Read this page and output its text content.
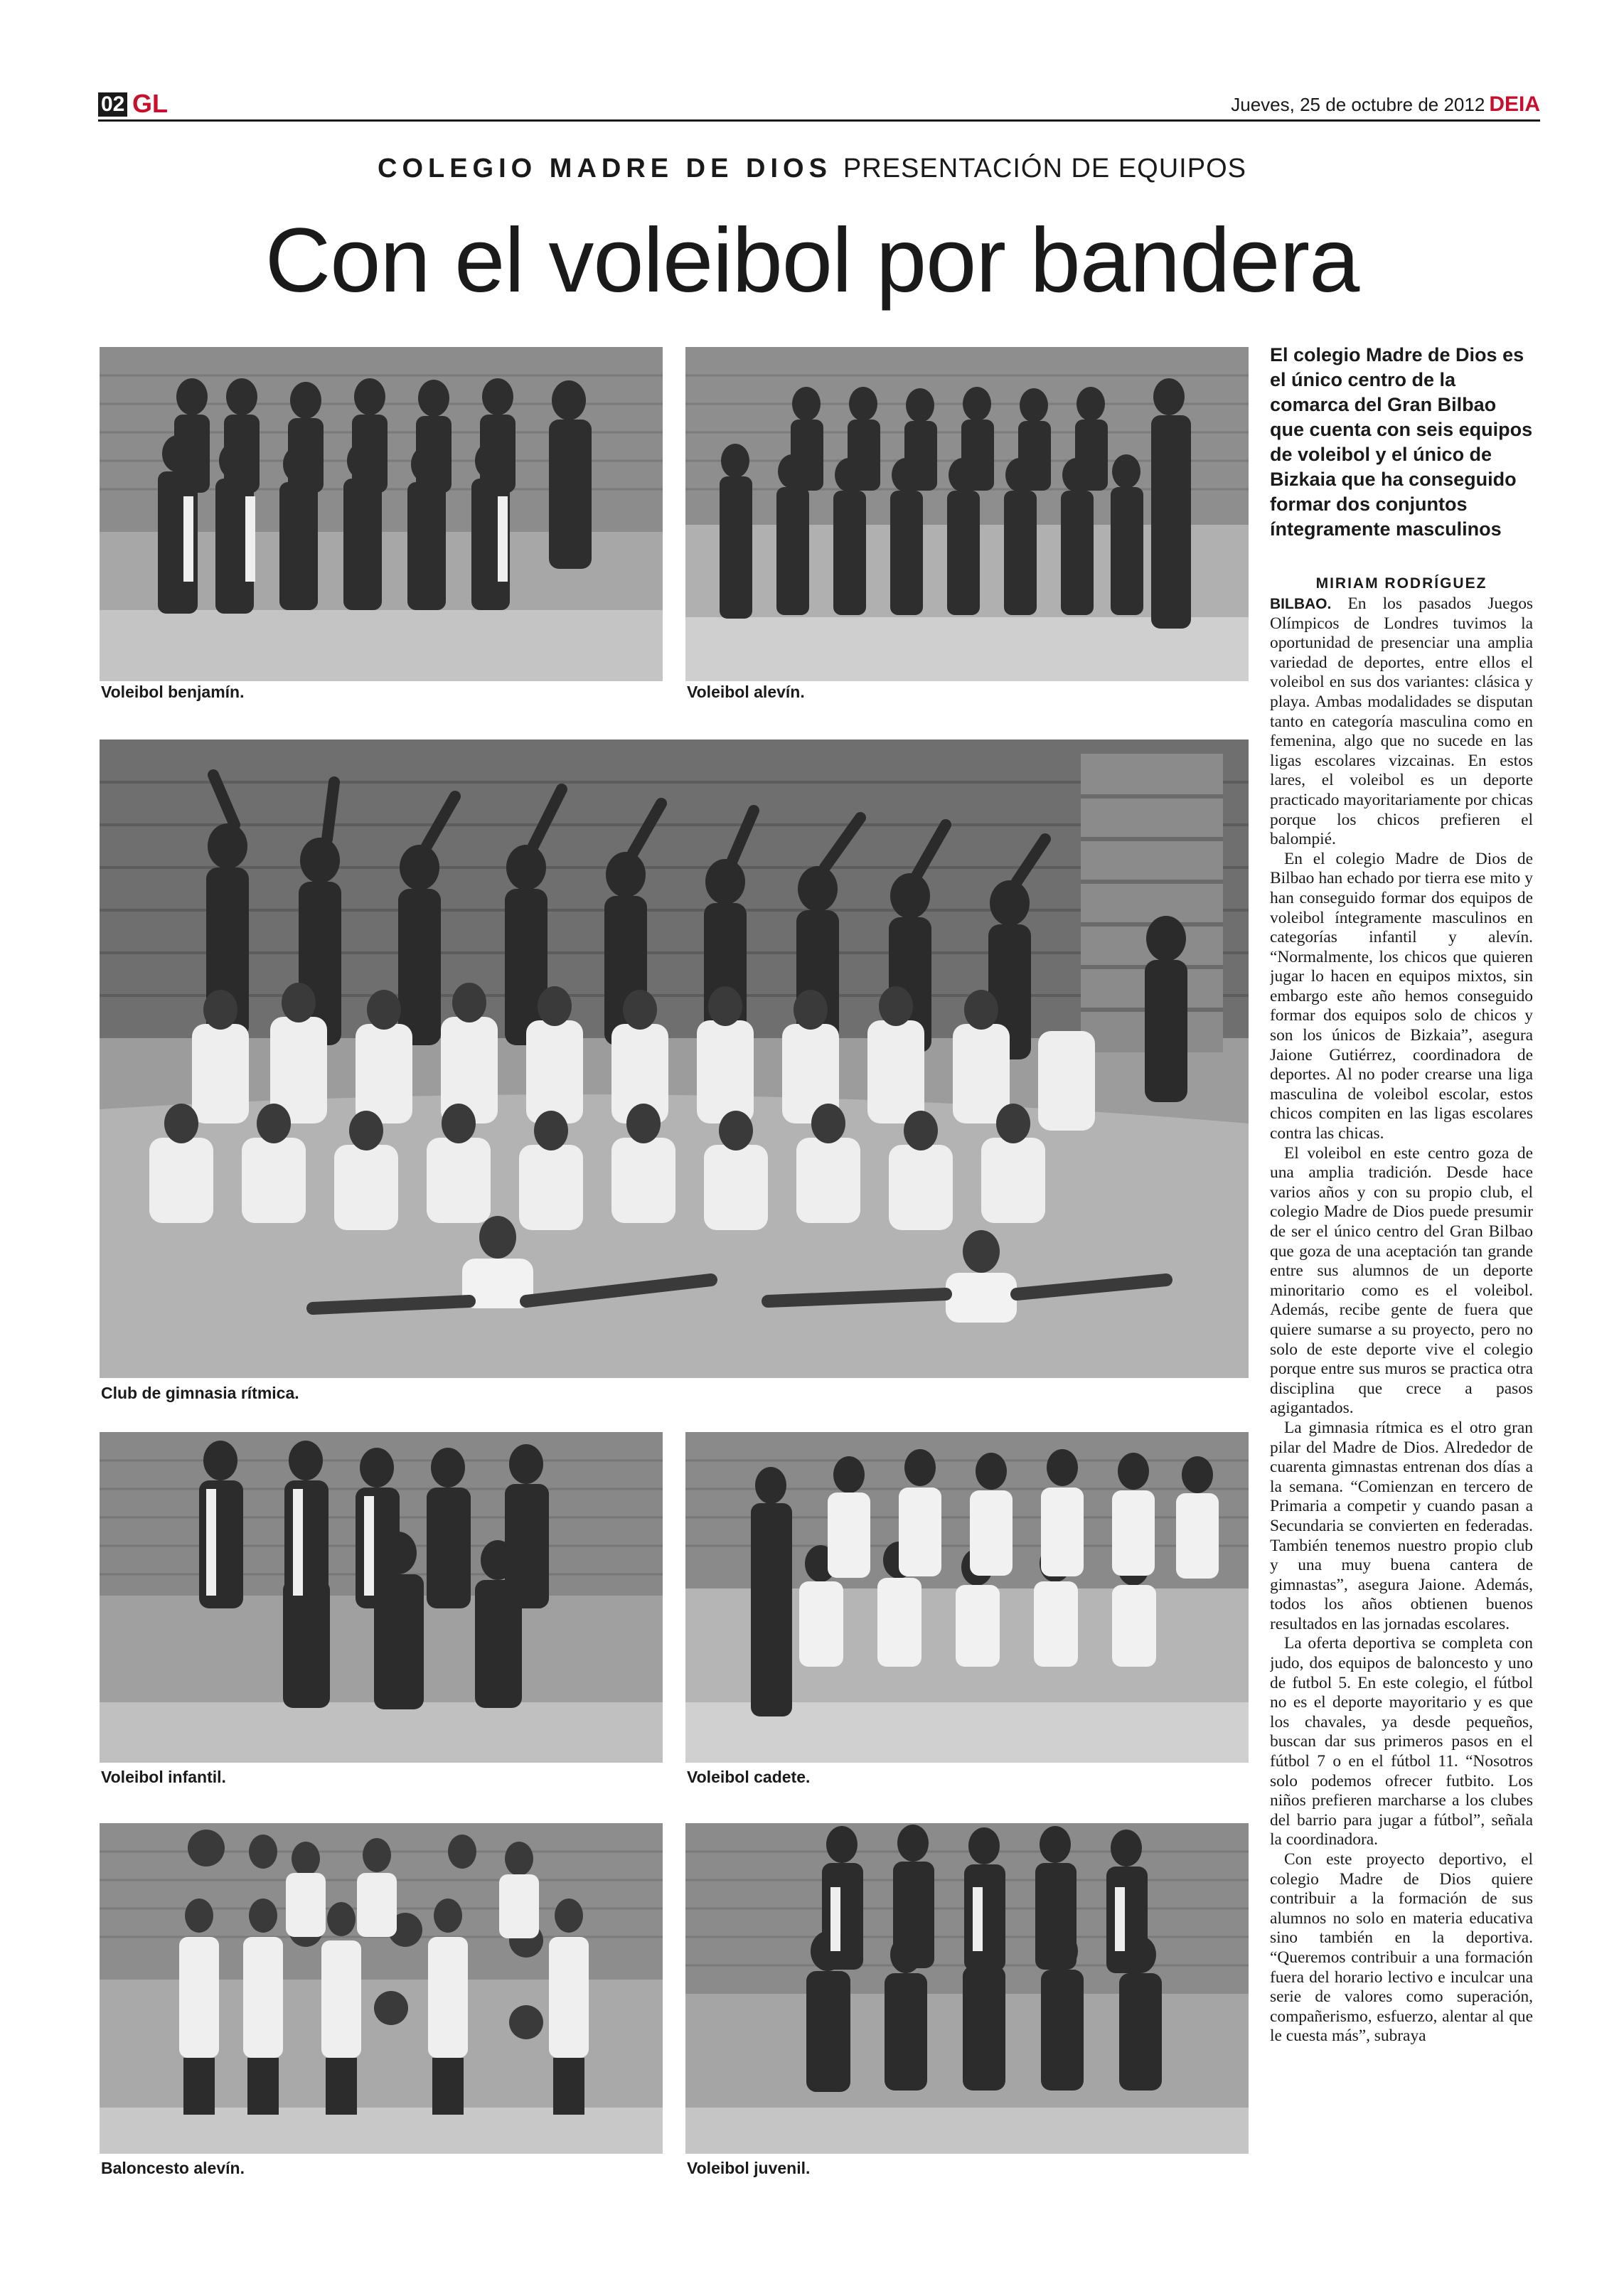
02 GL	Jueves, 25 de octubre de 2012 DEIA
COLEGIO MADRE DE DIOS PRESENTACIÓN DE EQUIPOS
Con el voleibol por bandera
Voleibol benjamín.	Voleibol alevín.
Club de gimnasia rítmica.
Voleibol infantil.	Voleibol cadete.
Baloncesto alevín.	Voleibol juvenil.
El colegio Madre de Dios es el único centro de la comarca del Gran Bilbao que cuenta con seis equipos de voleibol y el único de Bizkaia que ha conseguido formar dos conjuntos íntegramente masculinos
MIRIAM RODRÍGUEZ

BILBAO. En los pasados Juegos Olímpicos de Londres tuvimos la oportunidad de presenciar una amplia variedad de deportes, entre ellos el voleibol en sus dos variantes: clásica y playa. Ambas modalidades se disputan tanto en categoría masculina como en femenina, algo que no sucede en las ligas escolares vizcainas. En estos lares, el voleibol es un deporte practicado mayoritariamente por chicas porque los chicos prefieren el balompié.

En el colegio Madre de Dios de Bilbao han echado por tierra ese mito y han conseguido formar dos equipos de voleibol íntegramente masculinos en categorías infantil y alevín. “Normalmente, los chicos que quieren jugar lo hacen en equipos mixtos, sin embargo este año hemos conseguido formar dos equipos solo de chicos y son los únicos de Bizkaia”, asegura Jaione Gutiérrez, coordinadora de deportes. Al no poder crearse una liga masculina de voleibol escolar, estos chicos compiten en las ligas escolares contra las chicas.

El voleibol en este centro goza de una amplia tradición. Desde hace varios años y con su propio club, el colegio Madre de Dios puede presumir de ser el único centro del Gran Bilbao que goza de una aceptación tan grande entre sus alumnos de un deporte minoritario como es el voleibol. Además, recibe gente de fuera que quiere sumarse a su proyecto, pero no solo de este deporte vive el colegio porque entre sus muros se practica otra disciplina que crece a pasos agigantados.

La gimnasia rítmica es el otro gran pilar del Madre de Dios. Alrededor de cuarenta gimnastas entrenan dos días a la semana. “Comienzan en tercero de Primaria a competir y cuando pasan a Secundaria se convierten en federadas. También tenemos nuestro propio club y una muy buena cantera de gimnastas”, asegura Jaione. Además, todos los años obtienen buenos resultados en las jornadas escolares.

La oferta deportiva se completa con judo, dos equipos de baloncesto y uno de futbol 5. En este colegio, el fútbol no es el deporte mayoritario y es que los chavales, ya desde pequeños, buscan dar sus primeros pasos en el fútbol 7 o en el fútbol 11. “Nosotros solo podemos ofrecer futbito. Los niños prefieren marcharse a los clubes del barrio para jugar a fútbol”, señala la coordinadora.

Con este proyecto deportivo, el colegio Madre de Dios quiere contribuir a la formación de sus alumnos no solo en materia educativa sino también en la deportiva. “Queremos contribuir a una formación fuera del horario lectivo e inculcar una serie de valores como superación, compañerismo, esfuerzo, alentar al que le cuesta más”, subraya
